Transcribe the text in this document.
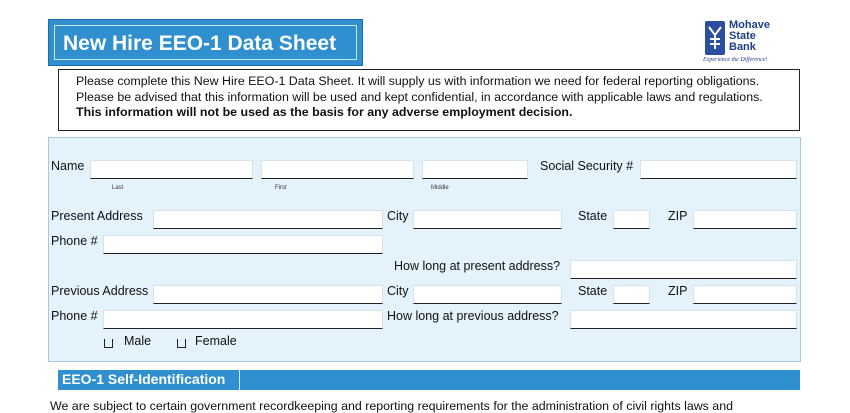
New Hire EEO-1 Data Sheet
Mohave
State
Bank
Experience the Difference!
Please complete this New Hire EEO-1 Data Sheet. It will supply us with information we need for federal reporting obligations.
Please be advised that this information will be used and kept confidential, in accordance with applicable laws and regulations.
This information will not be used as the basis for any adverse employment decision.
Name
Last	First	Middle
Social Security #
Present Address	City	State	ZIP
Phone #
How long at present address?
Previous Address	City	State	ZIP
Phone #	How long at previous address?
Male	Female
EEO-1 Self-Identification
We are subject to certain government recordkeeping and reporting requirements for the administration of civil rights laws and
